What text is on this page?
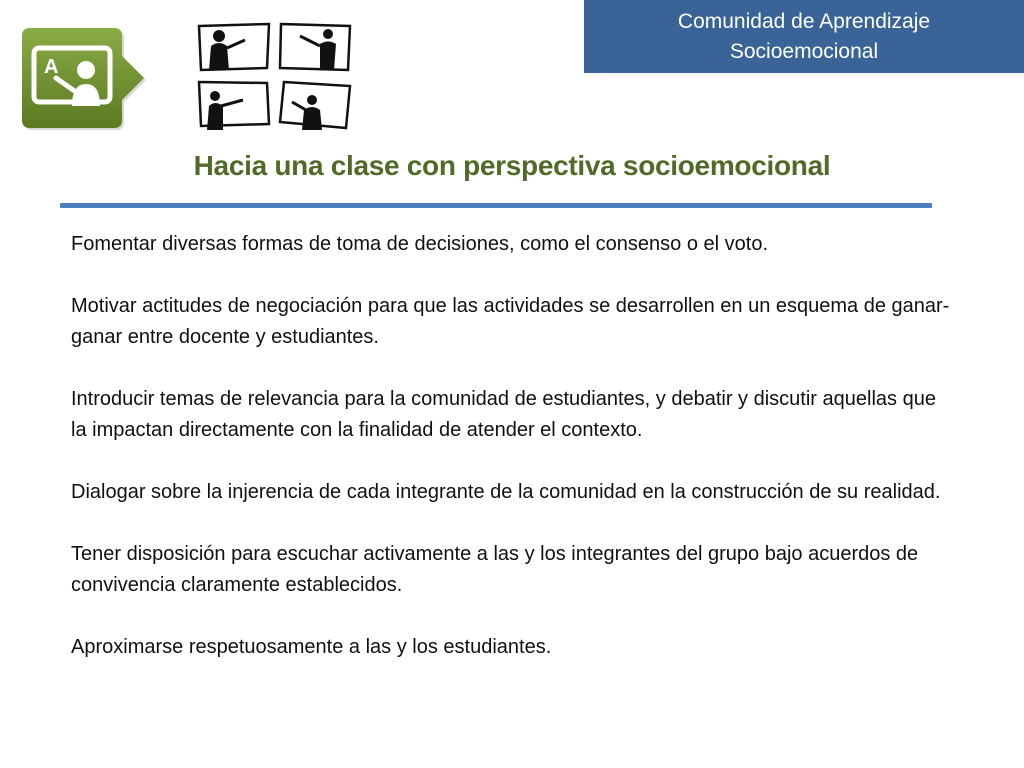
Comunidad de Aprendizaje
Socioemocional
A
Hacia una clase con perspectiva socioemocional

Fomentar diversas formas de toma de decisiones, como el consenso o el voto.

Motivar actitudes de negociación para que las actividades se desarrollen en un esquema de ganar-ganar entre docente y estudiantes.

Introducir temas de relevancia para la comunidad de estudiantes, y debatir y discutir aquellas que la impactan directamente con la finalidad de atender el contexto.

Dialogar sobre la injerencia de cada integrante de la comunidad en la construcción de su realidad.

Tener disposición para escuchar activamente a las y los integrantes del grupo bajo acuerdos de convivencia claramente establecidos.

Aproximarse respetuosamente a las y los estudiantes.
